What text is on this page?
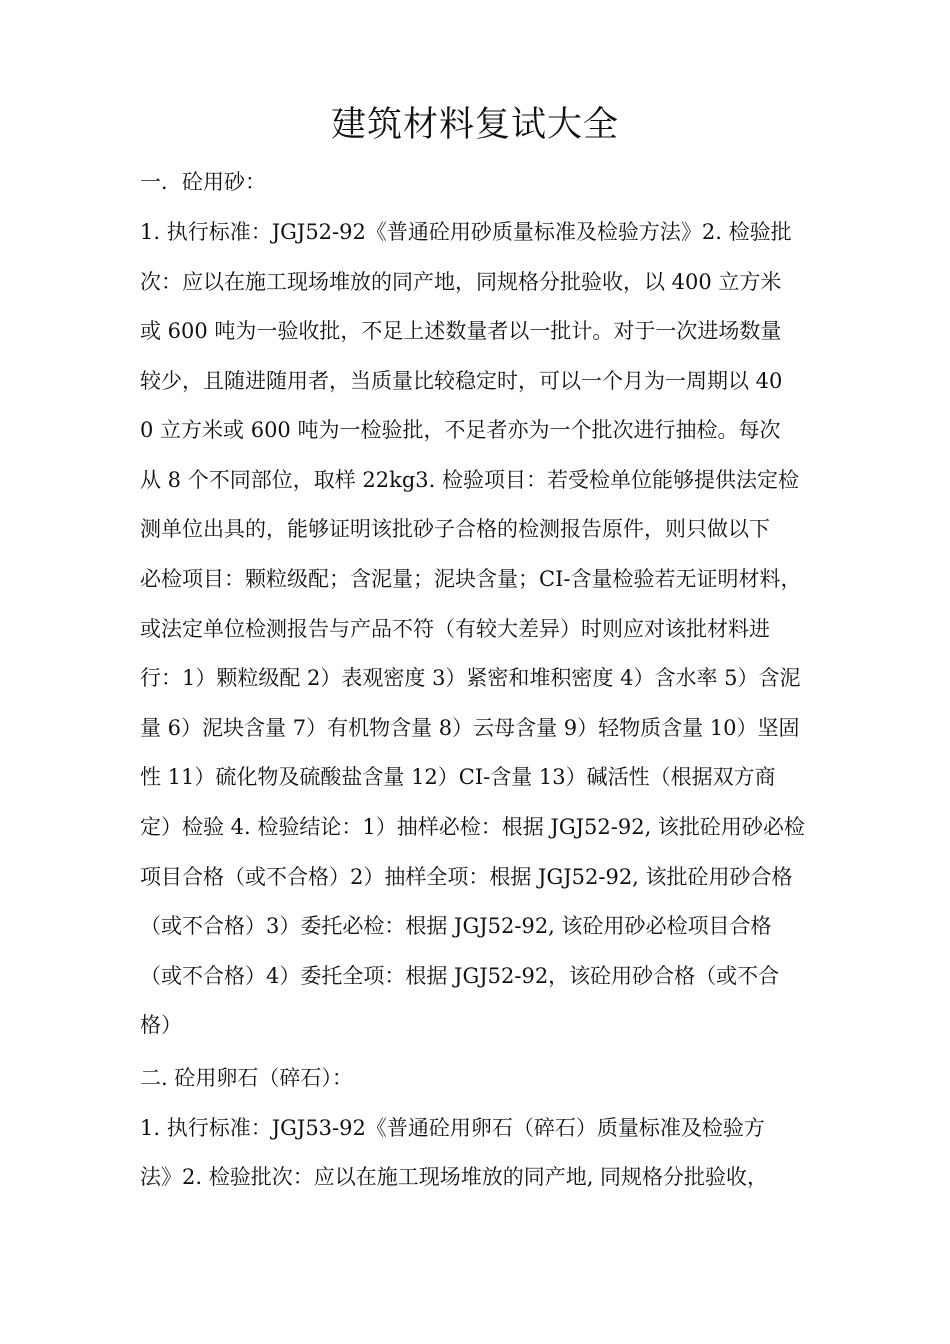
建筑材料复试大全
一．砼用砂：
1. 执行标准：JGJ52-92《普通砼用砂质量标准及检验方法》2. 检验批
次：应以在施工现场堆放的同产地，同规格分批验收，以 400 立方米
或 600 吨为一验收批，不足上述数量者以一批计。对于一次进场数量
较少，且随进随用者，当质量比较稳定时，可以一个月为一周期以 40
0 立方米或 600 吨为一检验批，不足者亦为一个批次进行抽检。每次
从 8 个不同部位，取样 22kg3. 检验项目：若受检单位能够提供法定检
测单位出具的，能够证明该批砂子合格的检测报告原件，则只做以下
必检项目：颗粒级配；含泥量；泥块含量；CI-含量检验若无证明材料，
或法定单位检测报告与产品不符（有较大差异）时则应对该批材料进
行：1）颗粒级配 2）表观密度 3）紧密和堆积密度 4）含水率 5）含泥
量 6）泥块含量 7）有机物含量 8）云母含量 9）轻物质含量 10）坚固
性 11）硫化物及硫酸盐含量 12）CI-含量 13）碱活性（根据双方商
定）检验 4. 检验结论：1）抽样必检：根据 JGJ52-92, 该批砼用砂必检
项目合格（或不合格）2）抽样全项：根据 JGJ52-92, 该批砼用砂合格
（或不合格）3）委托必检：根据 JGJ52-92, 该砼用砂必检项目合格
（或不合格）4）委托全项：根据 JGJ52-92，该砼用砂合格（或不合
格）
二. 砼用卵石（碎石）：
1. 执行标准：JGJ53-92《普通砼用卵石（碎石）质量标准及检验方
法》2. 检验批次：应以在施工现场堆放的同产地, 同规格分批验收，
